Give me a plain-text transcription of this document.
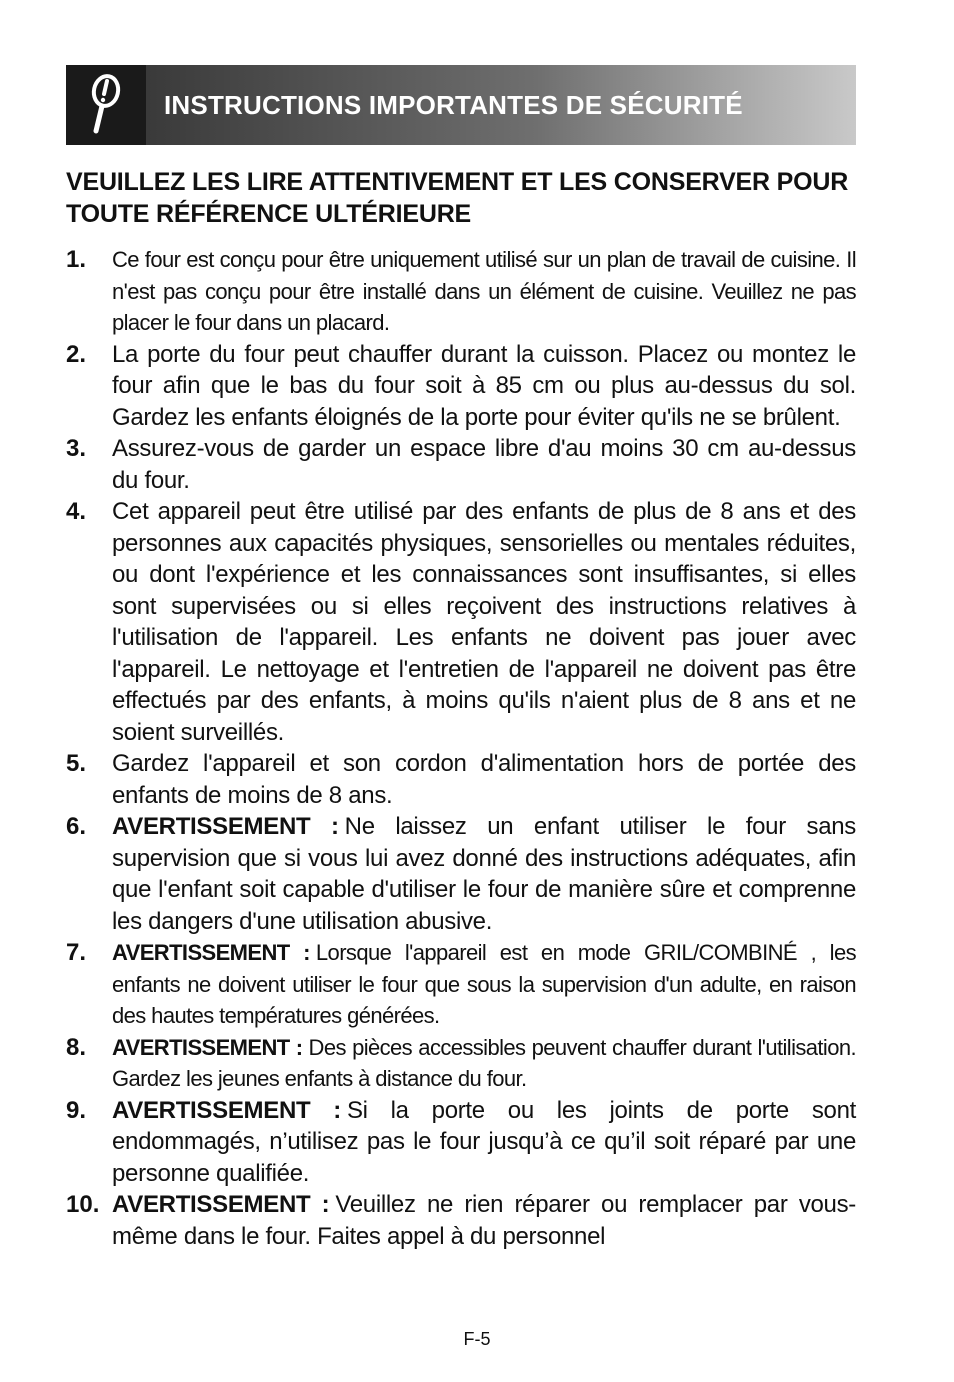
INSTRUCTIONS IMPORTANTES DE SÉCURITÉ
VEUILLEZ LES LIRE ATTENTIVEMENT ET LES CONSERVER POUR TOUTE RÉFÉRENCE ULTÉRIEURE
1.	Ce four est conçu pour être uniquement utilisé sur un plan de travail de cuisine. Il n'est pas conçu pour être installé dans un élément de cuisine. Veuillez ne pas placer le four dans un placard.
2.	La porte du four peut chauffer durant la cuisson. Placez ou montez le four afin que le bas du four soit à 85 cm ou plus au-dessus du sol. Gardez les enfants éloignés de la porte pour éviter qu'ils ne se brûlent.
3.	Assurez-vous de garder un espace libre d'au moins 30 cm au-dessus du four.
4.	Cet appareil peut être utilisé par des enfants de plus de 8 ans et des personnes aux capacités physiques, sensorielles ou mentales réduites, ou dont l'expérience et les connaissances sont insuffisantes, si elles sont supervisées ou si elles reçoivent des instructions relatives à l'utilisation de l'appareil. Les enfants ne doivent pas jouer avec l'appareil. Le nettoyage et l'entretien de l'appareil ne doivent pas être effectués par des enfants, à moins qu'ils n'aient plus de 8 ans et ne soient surveillés.
5.	Gardez l'appareil et son cordon d'alimentation hors de portée des enfants de moins de 8 ans.
6.	AVERTISSEMENT : Ne laissez un enfant utiliser le four sans supervision que si vous lui avez donné des instructions adéquates, afin que l'enfant soit capable d'utiliser le four de manière sûre et comprenne les dangers d'une utilisation abusive.
7.	AVERTISSEMENT : Lorsque l'appareil est en mode GRIL/COMBINÉ , les enfants ne doivent utiliser le four que sous la supervision d'un adulte, en raison des hautes températures générées.
8.	AVERTISSEMENT : Des pièces accessibles peuvent chauffer durant l'utilisation. Gardez les jeunes enfants à distance du four.
9.	AVERTISSEMENT : Si la porte ou les joints de porte sont endommagés, n’utilisez pas le four jusqu’à ce qu’il soit réparé par une personne qualifiée.
10. AVERTISSEMENT : Veuillez ne rien réparer ou remplacer par vous-même dans le four. Faites appel à du personnel
F-5
